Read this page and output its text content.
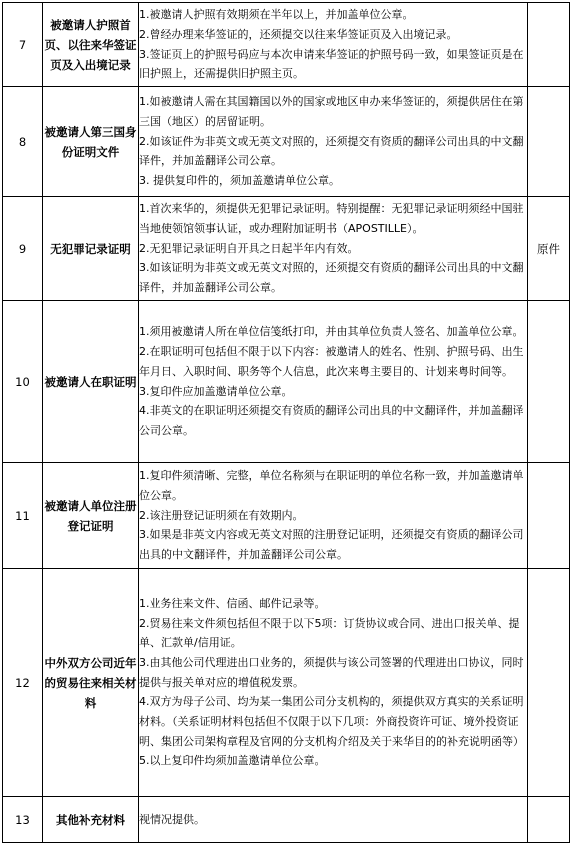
7	被邀请人护照首页、以往来华签证页及入出境记录	1.被邀请人护照有效期须在半年以上，并加盖单位公章。

2.曾经办理来华签证的，还须提交以往来华签证页及入出境记录。

3.签证页上的护照号码应与本次申请来华签证的护照号码一致，如果签证页是在旧护照上，还需提供旧护照主页。	

8	被邀请人第三国身份证明文件	1.如被邀请人需在其国籍国以外的国家或地区申办来华签证的，须提供居住在第三国（地区）的居留证明。

2.如该证件为非英文或无英文对照的，还须提交有资质的翻译公司出具的中文翻译件，并加盖翻译公司公章。

3. 提供复印件的，须加盖邀请单位公章。	

9	无犯罪记录证明	1.首次来华的，须提供无犯罪记录证明。特别提醒：无犯罪记录证明须经中国驻当地使领馆领事认证，或办理附加证明书（APOSTILLE）。

2.无犯罪记录证明自开具之日起半年内有效。

3.如该证明为非英文或无英文对照的，还须提交有资质的翻译公司出具的中文翻译件，并加盖翻译公司公章。	原件
10	被邀请人在职证明	1.须用被邀请人所在单位信笺纸打印，并由其单位负责人签名、加盖单位公章。

2.在职证明可包括但不限于以下内容：被邀请人的姓名、性别、护照号码、出生年月日、入职时间、职务等个人信息，此次来粤主要目的、计划来粤时间等。

3.复印件应加盖邀请单位公章。

4.非英文的在职证明还须提交有资质的翻译公司出具的中文翻译件，并加盖翻译公司公章。	

11	被邀请人单位注册登记证明	1.复印件须清晰、完整，单位名称须与在职证明的单位名称一致，并加盖邀请单位公章。

2.该注册登记证明须在有效期内。

3.如果是非英文内容或无英文对照的注册登记证明，还须提交有资质的翻译公司出具的中文翻译件，并加盖翻译公司公章。	

12	中外双方公司近年的贸易往来相关材料	1.业务往来文件、信函、邮件记录等。

2.贸易往来文件须包括但不限于以下5项：订货协议或合同、进出口报关单、提单、汇款单/信用证。

3.由其他公司代理进出口业务的，须提供与该公司签署的代理进出口协议，同时提供与报关单对应的增值税发票。

4.双方为母子公司、均为某一集团公司分支机构的，须提供双方真实的关系证明材料。（关系证明材料包括但不仅限于以下几项：外商投资许可证、境外投资证明、集团公司架构章程及官网的分支机构介绍及关于来华目的的补充说明函等）

5.以上复印件均须加盖邀请单位公章。	

13	其他补充材料	视情况提供。	
